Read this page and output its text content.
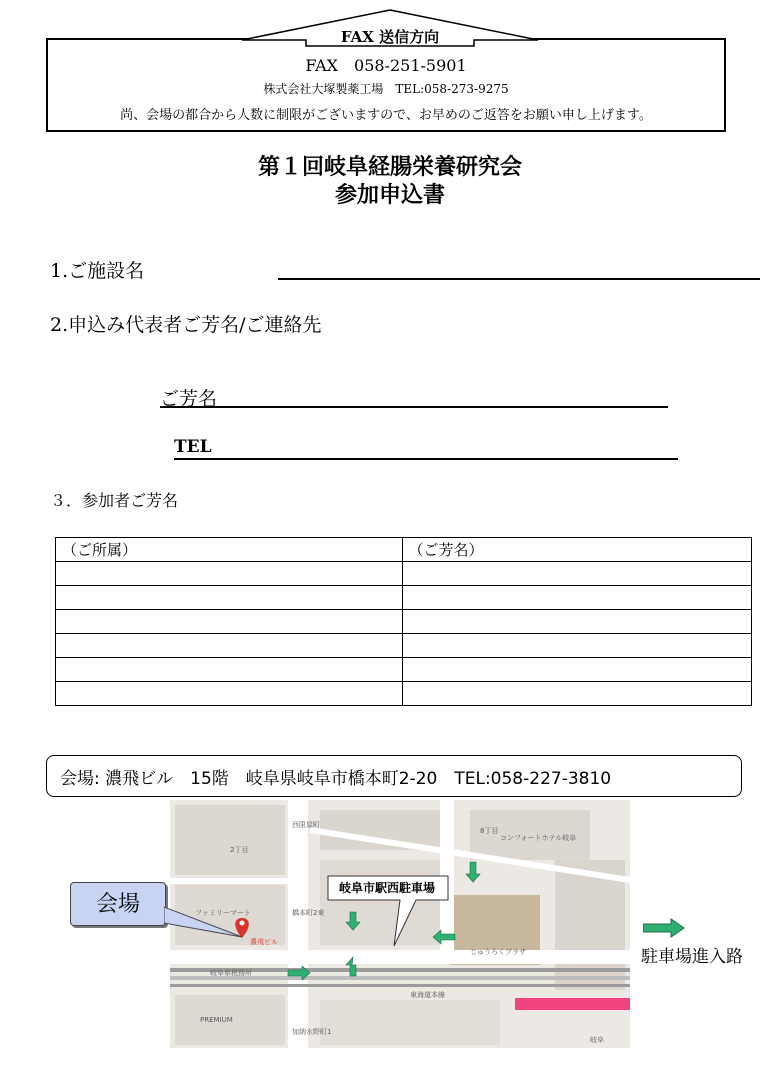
FAX 送信方向
FAX　058-251-5901
株式会社大塚製薬工場　TEL:058-273-9275
尚、会場の都合から人数に制限がございますので、お早めのご返答をお願い申し上げます。
第１回岐阜経腸栄養研究会
参加申込書
1.ご施設名
2.申込み代表者ご芳名/ご連絡先
ご芳名
TEL
３．参加者ご芳名
（ご所属）	（ご芳名）

会場: 濃飛ビル　15階　岐阜県岐阜市橋本町2-20　TEL:058-227-3810
西限屋町
コンフォートホテル岐阜
2丁目
8丁目
ファミリーマート	橋本町2東
濃飛ビル
じゅうろくプラザ
岐阜県税務所
東海道本線
PREMIUM
加納水野町1
岐阜
会場
岐阜市駅西駐車場
駐車場進入路
